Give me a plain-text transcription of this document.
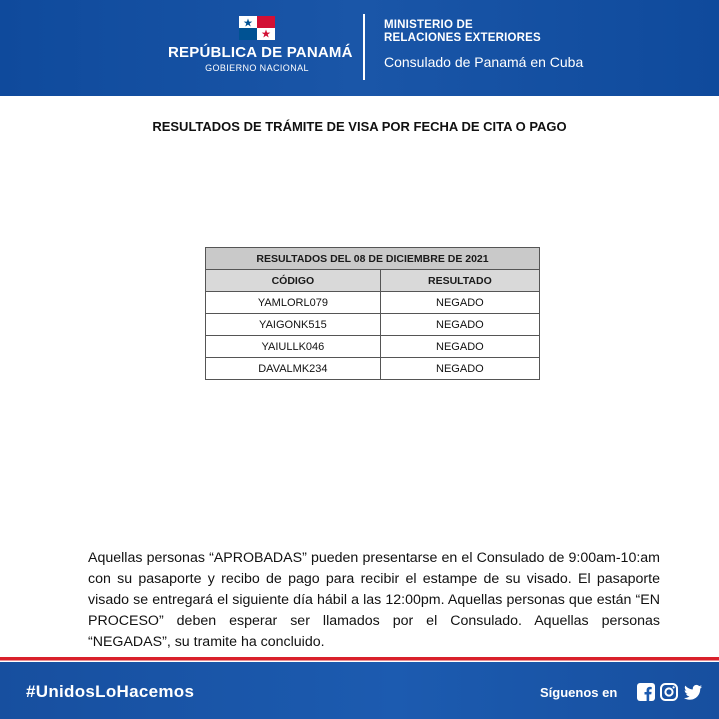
REPÚBLICA DE PANAMÁ
GOBIERNO NACIONAL
MINISTERIO DE
RELACIONES EXTERIORES
Consulado de Panamá en Cuba
RESULTADOS DE TRÁMITE DE VISA POR FECHA DE CITA O PAGO
RESULTADOS DEL 08 DE DICIEMBRE DE 2021	
CÓDIGO	RESULTADO
YAMLORL079	NEGADO
YAIGONK515	NEGADO
YAIULLK046	NEGADO
DAVALMK234	NEGADO
Aquellas personas “APROBADAS” pueden presentarse en el Consulado de 9:00am-10:am con su pasaporte y recibo de pago para recibir el estampe de su visado. El pasaporte visado se entregará el siguiente día hábil a las 12:00pm. Aquellas personas que están “EN PROCESO” deben esperar ser llamados por el Consulado. Aquellas personas “NEGADAS”, su tramite ha concluido.
#UnidosLoHacemos	Síguenos en
